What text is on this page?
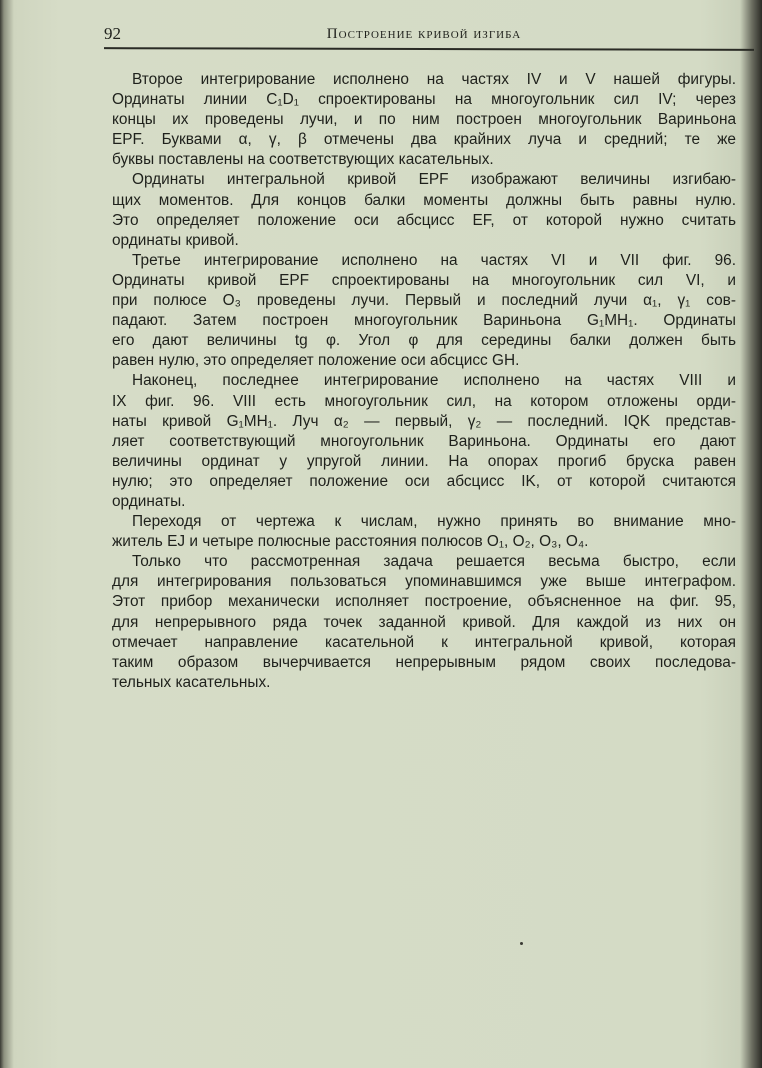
92	Построение кривой изгиба
Второе интегрирование исполнено на частях IV и V нашей фигуры.
Ординаты линии C₁D₁ спроектированы на многоугольник сил IV; через
концы их проведены лучи, и по ним построен многоугольник Вариньона
EPF. Буквами α, γ, β отмечены два крайних луча и средний; те же
буквы поставлены на соответствующих касательных.
Ординаты интегральной кривой EPF изображают величины изгибаю-
щих моментов. Для концов балки моменты должны быть равны нулю.
Это определяет положение оси абсцисс EF, от которой нужно считать
ординаты кривой.
Третье интегрирование исполнено на частях VI и VII фиг. 96.
Ординаты кривой EPF спроектированы на многоугольник сил VI, и
при полюсе O₃ проведены лучи. Первый и последний лучи α₁, γ₁ сов-
падают. Затем построен многоугольник Вариньона G₁MH₁. Ординаты
его дают величины tg φ. Угол φ для середины балки должен быть
равен нулю, это определяет положение оси абсцисс GH.
Наконец, последнее интегрирование исполнено на частях VIII и
IX фиг. 96. VIII есть многоугольник сил, на котором отложены орди-
наты кривой G₁MH₁. Луч α₂ — первый, γ₂ — последний. IQK представ-
ляет соответствующий многоугольник Вариньона. Ординаты его дают
величины ординат y упругой линии. На опорах прогиб бруска равен
нулю; это определяет положение оси абсцисс IK, от которой считаются
ординаты.
Переходя от чертежа к числам, нужно принять во внимание мно-
житель EJ и четыре полюсные расстояния полюсов O₁, O₂, O₃, O₄.
Только что рассмотренная задача решается весьма быстро, если
для интегрирования пользоваться упоминавшимся уже выше интеграфом.
Этот прибор механически исполняет построение, объясненное на фиг. 95,
для непрерывного ряда точек заданной кривой. Для каждой из них он
отмечает направление касательной к интегральной кривой, которая
таким образом вычерчивается непрерывным рядом своих последова-
тельных касательных.
